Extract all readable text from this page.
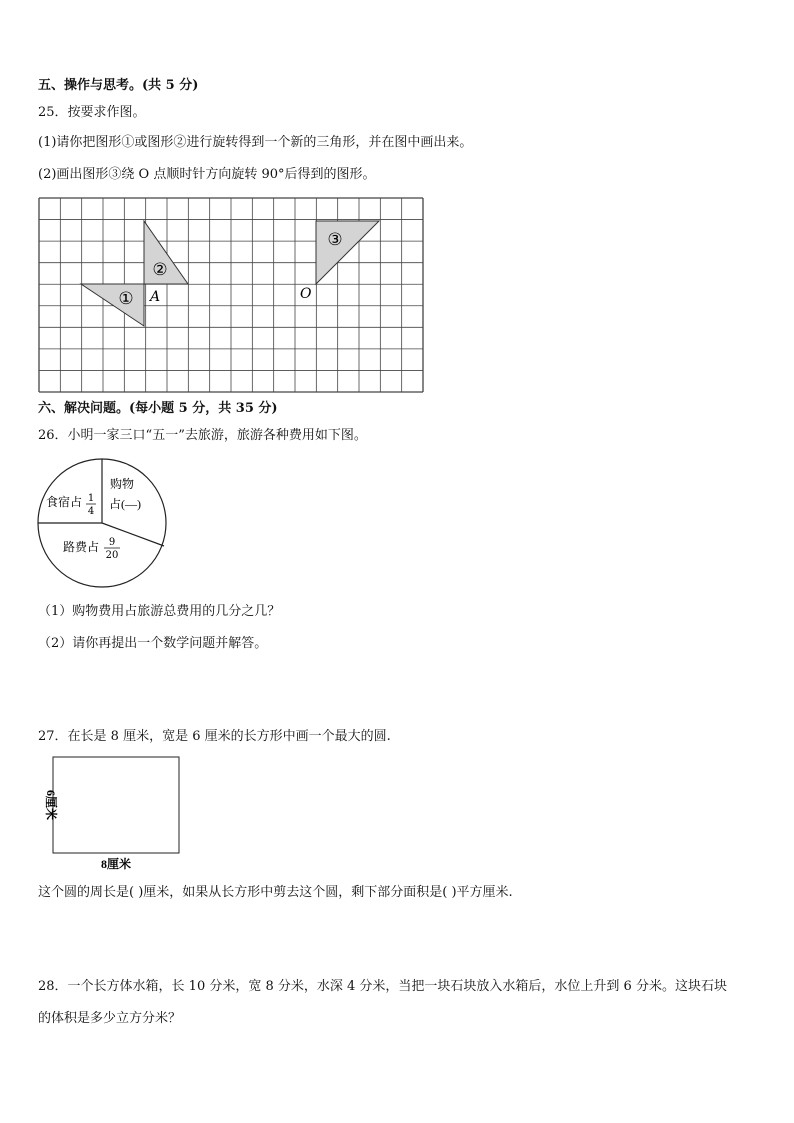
五、操作与思考。(共 5 分)
25．按要求作图。
(1)请你把图形①或图形②进行旋转得到一个新的三角形，并在图中画出来。
(2)画出图形③绕 O 点顺时针方向旋转 90°后得到的图形。
①
②
③
A	O
六、解决问题。(每小题 5 分，共 35 分)
26．小明一家三口“五一”去旅游，旅游各种费用如下图。
食宿占 1
4
购物
占(—)
路费占 9
20
（1）购物费用占旅游总费用的几分之几？
（2）请你再提出一个数学问题并解答。
27．在长是 8 厘米，宽是 6 厘米的长方形中画一个最大的圆.
8厘米
6厘米
这个圆的周长是( )厘米，如果从长方形中剪去这个圆，剩下部分面积是( )平方厘米.
28．一个长方体水箱，长 10 分米，宽 8 分米，水深 4 分米，当把一块石块放入水箱后，水位上升到 6 分米。这块石块
的体积是多少立方分米？
